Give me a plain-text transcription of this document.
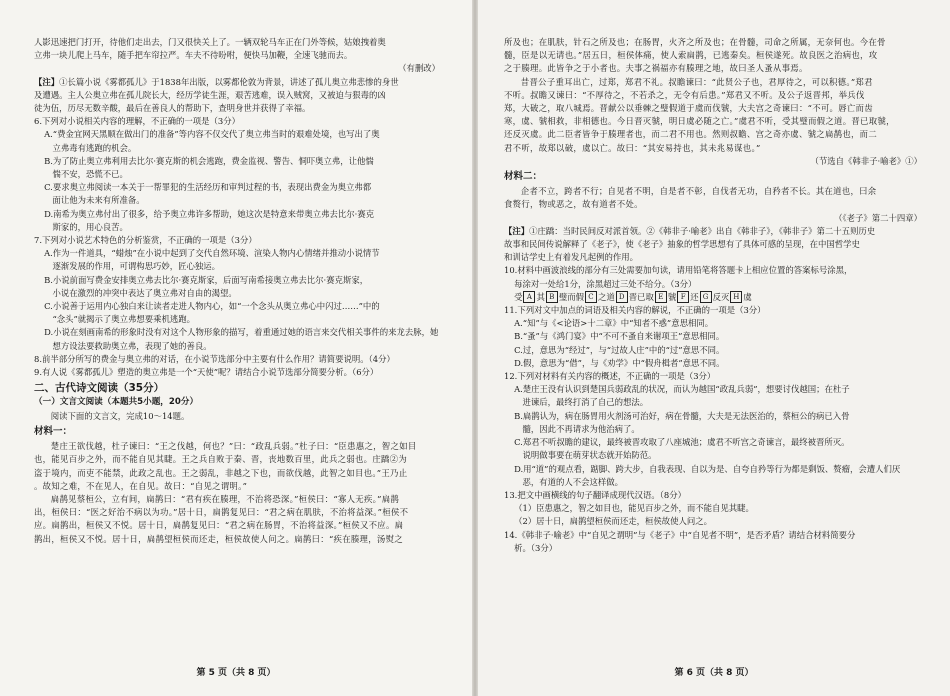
人影迅速把门打开，待他们走出去，门又很快关上了。一辆双轮马车正在门外等候，姑娘拽着奥

立弗一块儿爬上马车，随手把车帘拉严。车夫不待吩咐，便快马加鞭，全速飞驰而去。

（有删改）

【注】①长篇小说《雾都孤儿》于1838年出版，以雾都伦敦为背景，讲述了孤儿奥立弗悲惨的身世

及遭遇。主人公奥立弗在孤儿院长大，经历学徒生涯，艰苦逃难，误入贼窝，又被迫与狠毒的凶

徒为伍，历尽无数辛酸，最后在善良人的帮助下，查明身世并获得了幸福。

6.下列对小说相关内容的理解，不正确的一项是（3分）

A.“费金宜网天黑顺在做出门的准备”等内容不仅交代了奥立弗当时的艰难处境，也写出了奥

立弗毒有逃跑的机会。

B.为了防止奥立弗利用去比尔·赛克斯的机会逃跑，费金监视、警告、恫吓奥立弗，让他惴

惴不安，恐慌不已。

C.要求奥立弗阅读一本关于一帮罪犯的生活经历和审判过程的书，表现出费金为奥立弗都

面让他为未来有所准备。

D.南希为奥立弗付出了很多，给予奥立弗许多帮助，她这次是特意来带奥立弗去比尔·赛克

斯家的，用心良苦。

7.下列对小说艺术特色的分析鉴赏，不正确的一项是（3分）

A.作为一件道具，“蜡烛”在小说中起到了交代自然环境、渲染人物内心情绪并推动小说情节

逐渐发展的作用，可谓构思巧妙，匠心独运。

B.小说前面写费金安排奥立弗去比尔·赛克斯家，后面写南希接奥立弗去比尔·赛克斯家，

小说在激烈的冲突中表达了奥立弗对自由的渴望。

C.小说善于运用内心独白来让读者走进人物内心，如“一个念头从奥立弗心中闪过……”中的

“念头”就揭示了奥立弗想要乘机逃跑。

D.小说在刻画南希的形象时没有对这个人物形象的描写，着重通过她的语言来交代相关事件的来龙去脉，她

想方设法要救助奥立弗，表现了她的善良。

8.前半部分所写的费金与奥立弗的对话，在小说节选部分中主要有什么作用？请简要说明。（4分）

9.有人说《雾都孤儿》塑造的奥立弗是一个“天使”呢？请结合小说节选部分简要分析。（6分）

二、古代诗文阅读（35分）

（一）文言文阅读（本题共5小题，20分）

阅读下面的文言文，完成10～14题。

材料一：

楚庄王欲伐越，杜子谏曰：“王之伐越，何也？”曰：“政乱兵弱。”杜子曰：“臣患惠之，智之如目

也，能见百步之外，而不能自见其睫。王之兵自败于秦、晋，丧地数百里，此兵之弱也。庄蹻②为

盗于境内，而吏不能禁，此政之乱也。王之弱乱，非越之下也，而欲伐越，此智之如目也。”王乃止

。故知之难，不在见人，在自见。故曰：“自见之谓明。”

扁鹊见蔡桓公，立有间，扁鹊曰：“君有疾在腠理，不治将恐深。”桓侯曰：“寡人无疾。”扁鹊

出，桓侯曰：“医之好治不病以为功。”居十日，扁鹊复见曰：“君之病在肌肤，不治将益深。”桓侯不

应。扁鹊出，桓侯又不悦。居十日，扁鹊复见曰：“君之病在肠胃，不治将益深。”桓侯又不应。扁

鹊出，桓侯又不悦。居十日，扁鹊望桓侯而还走，桓侯故使人问之。扁鹊曰：“疾在腠理，汤熨之

第 5 页（共 8 页）

所及也；在肌肤，针石之所及也；在肠胃，火齐之所及也；在骨髓，司命之所属，无奈何也。今在骨

髓，臣是以无请也。”居五日，桓侯体痛，使人索扁鹊，已逃秦矣。桓侯遂死。故良医之治病也，攻

之于腠理。此皆争之于小者也。夫事之祸福亦有腠理之地，故曰圣人蚤从事焉。

昔晋公子重耳出亡，过郑，郑君不礼。叔瞻谏曰：“此贤公子也，君厚待之，可以积德。”郑君

不听。叔瞻又谏曰：“不厚待之，不若杀之，无令有后患。”郑君又不听。及公子返晋邦，举兵伐

郑，大破之，取八城焉。晋献公以垂棘之璧假道于虞而伐虢，大夫宫之奇谏曰：“不可。唇亡而齿

寒，虞、虢相救，非相德也。今日晋灭虢，明日虞必随之亡。”虞君不听，受其璧而假之道。晋已取虢，

还反灭虞。此二臣者皆争于腠理者也，而二君不用也。然则叔瞻、宫之奇亦虞、虢之扁鹊也，而二

君不听，故郑以破，虞以亡。故曰：“其安易持也，其未兆易谋也。”

（节选自《韩非子·喻老》①）

材料二：

企者不立，跨者不行；自见者不明，自是者不彰，自伐者无功，自矜者不长。其在道也，曰余

食赘行，物或恶之，故有道者不处。

（《老子》第二十四章）

【注】①庄蹻：当时民间反对派首领。②《韩非子·喻老》出自《韩非子》，《韩非子》第二十五则历史

故事和民间传说解释了《老子》，使《老子》抽象的哲学思想有了具体可感的呈现，在中国哲学史

和训诂学史上有着发凡起例的作用。

10.材料中画波浪线的部分有三处需要加句读，请用铅笔将答题卡上相应位置的答案标号涂黑，

每涂对一处给1分，涂黑超过三处不给分。（3分）

受 A 其 B 璧而假 C 之道 D 晋已取 E 虢 F 还 G 反灭 H 虞

11.下列对文中加点的词语及相关内容的解说，不正确的一项是（3分）

A.“知”与《<论语>十二章》中“知者不惑”意思相同。

B.“蚤”与《鸿门宴》中“不可不蚤自来谢项王”意思相同。

C.过，意思为“经过”，与“过故人庄”中的“过”意思不同。

D.假，意思为“借”，与《劝学》中“假舟楫者”意思不同。

12.下列对材料有关内容的概述，不正确的一项是（3分）

A.楚庄王没有认识到楚国兵弱政乱的状况，而认为越国“政乱兵弱”，想要讨伐越国；在杜子

进谏后，最终打消了自己的想法。

B.扁鹊认为，病在肠胃用火剂汤可治好，病在骨髓，大夫是无法医治的，蔡桓公的病已入骨

髓，因此不再请求为他治病了。

C.郑君不听叔瞻的建议，最终被晋攻取了八座城池；虞君不听宫之奇谏言，最终被晋所灭。

说明做事要在萌芽状态就开始防范。

D.用“道”的观点看，踮脚、跨大步，自我表现、自以为是、自夸自矜等行为都是剩饭、赘瘤，会遭人们厌

恶，有道的人不会这样做。

13.把文中画横线的句子翻译成现代汉语。（8分）

（1）臣患惠之，智之如目也，能见百步之外，而不能自见其睫。

（2）居十日，扁鹊望桓侯而还走，桓侯故使人问之。

14.《韩非子·喻老》中“自见之谓明”与《老子》中“自见者不明”，是否矛盾？请结合材料简要分

析。（3分）

第 6 页（共 8 页）
